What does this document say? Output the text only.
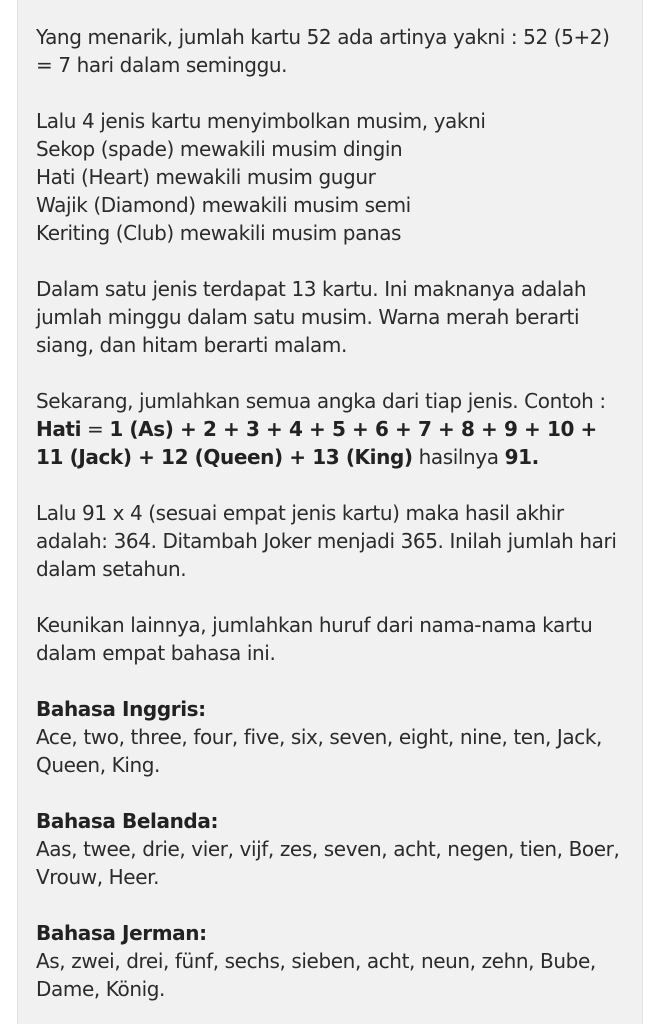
Yang menarik, jumlah kartu 52 ada artinya yakni : 52 (5+2) = 7 hari dalam seminggu.

Lalu 4 jenis kartu menyimbolkan musim, yakni
Sekop (spade) mewakili musim dingin
Hati (Heart) mewakili musim gugur
Wajik (Diamond) mewakili musim semi
Keriting (Club) mewakili musim panas

Dalam satu jenis terdapat 13 kartu. Ini maknanya adalah jumlah minggu dalam satu musim. Warna merah berarti siang, dan hitam berarti malam.

Sekarang, jumlahkan semua angka dari tiap jenis. Contoh :
Hati = 1 (As) + 2 + 3 + 4 + 5 + 6 + 7 + 8 + 9 + 10 + 11 (Jack) + 12 (Queen) + 13 (King) hasilnya 91.

Lalu 91 x 4 (sesuai empat jenis kartu) maka hasil akhir adalah: 364. Ditambah Joker menjadi 365. Inilah jumlah hari dalam setahun.

Keunikan lainnya, jumlahkan huruf dari nama-nama kartu dalam empat bahasa ini.

Bahasa Inggris:
Ace, two, three, four, five, six, seven, eight, nine, ten, Jack, Queen, King.

Bahasa Belanda:
Aas, twee, drie, vier, vijf, zes, seven, acht, negen, tien, Boer, Vrouw, Heer.

Bahasa Jerman:
As, zwei, drei, fünf, sechs, sieben, acht, neun, zehn, Bube, Dame, König.
